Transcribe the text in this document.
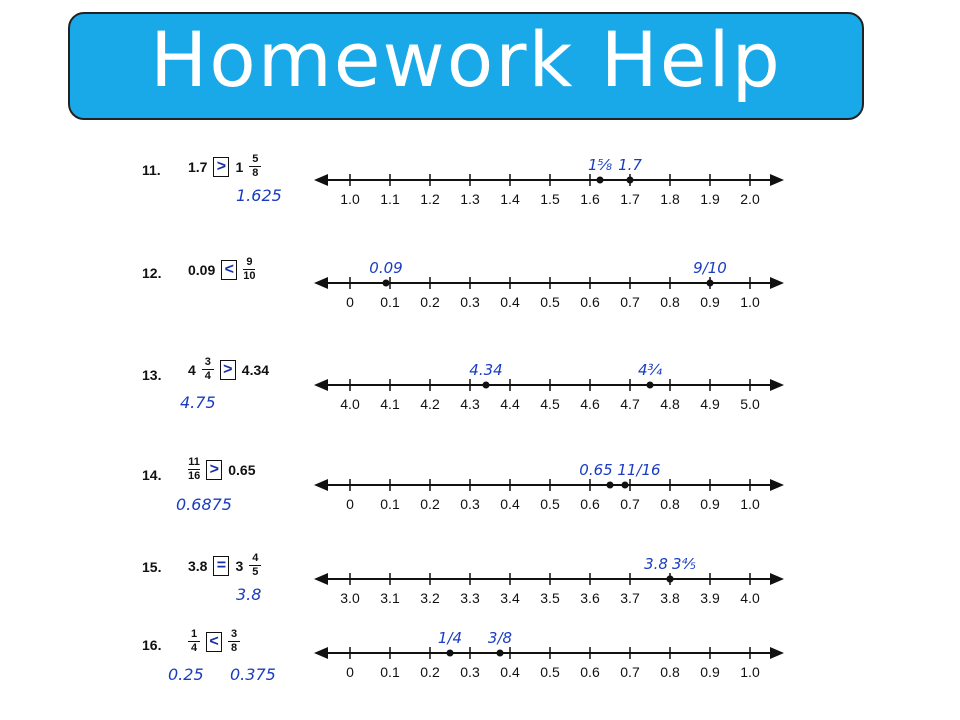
Homework Help
11. $1.7 > 1 \frac{5}{8}$
1.625	1.0 1.1 1.2 1.3 1.4 1.5 1.6 1.7 1.8 1.9 2.0
1⅝ 1.7
12. $0.09 < \frac{9}{10}$
0 0.1 0.2 0.3 0.4 0.5 0.6 0.7 0.8 0.9 1.0
0.09	9/10
13. $4 \frac{3}{4} > 4.34$
4.75	4.0 4.1 4.2 4.3 4.4 4.5 4.6 4.7 4.8 4.9 5.0
4.34	4¾
14. $\frac{11}{16} > 0.65$
0.6875	0 0.1 0.2 0.3 0.4 0.5 0.6 0.7 0.8 0.9 1.0
0.65 11/16
15. $3.8 = 3 \frac{4}{5}$
3.8	3.0 3.1 3.2 3.3 3.4 3.5 3.6 3.7 3.8 3.9 4.0
3.8 3⅘
16. $\frac{1}{4} < \frac{3}{8}$
0.25 0.375	0 0.1 0.2 0.3 0.4 0.5 0.6 0.7 0.8 0.9 1.0
1/4 3/8
